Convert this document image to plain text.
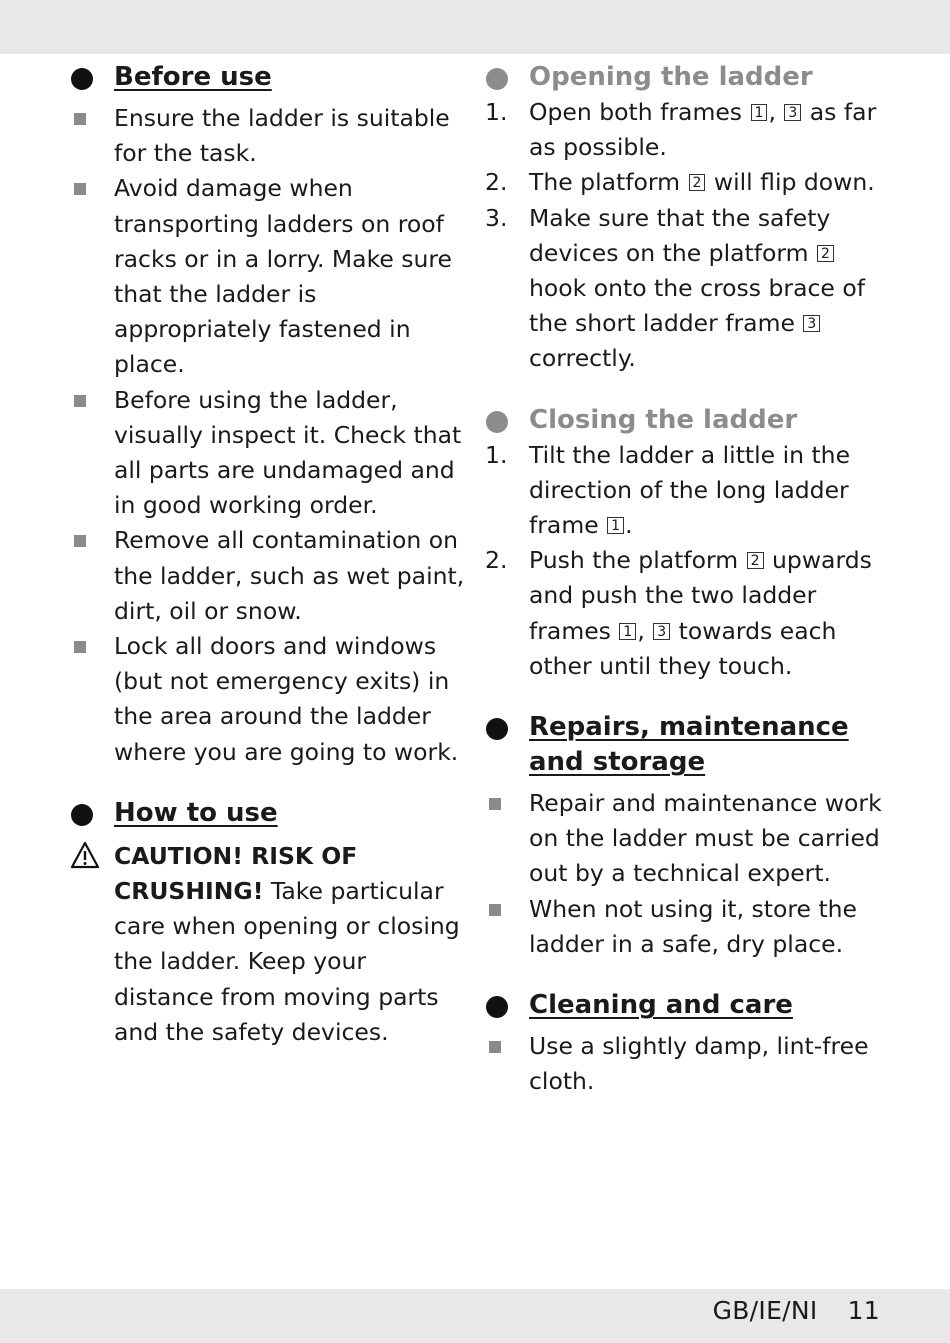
Before use
Ensure the ladder is suitable for the task.
Avoid damage when transporting ladders on roof racks or in a lorry. Make sure that the ladder is appropriately fastened in place.
Before using the ladder, visually inspect it. Check that all parts are undamaged and in good working order.
Remove all contamination on the ladder, such as wet paint, dirt, oil or snow.
Lock all doors and windows (but not emergency exits) in the area around the ladder where you are going to work.
How to use
CAUTION! RISK OF CRUSHING! Take particular care when opening or closing the ladder. Keep your distance from moving parts and the safety devices.
Opening the ladder
1. Open both frames 1 , 3 as far as possible.
2. The platform 2 will flip down.
3. Make sure that the safety devices on the platform 2 hook onto the cross brace of the short ladder frame 3 correctly.
Closing the ladder
1. Tilt the ladder a little in the direction of the long ladder frame 1 .
2. Push the platform 2 upwards and push the two ladder frames 1 , 3 towards each other until they touch.
Repairs, maintenance and storage
Repair and maintenance work on the ladder must be carried out by a technical expert.
When not using it, store the ladder in a safe, dry place.
Cleaning and care
Use a slightly damp, lint-free cloth.
GB/IE/NI 11
